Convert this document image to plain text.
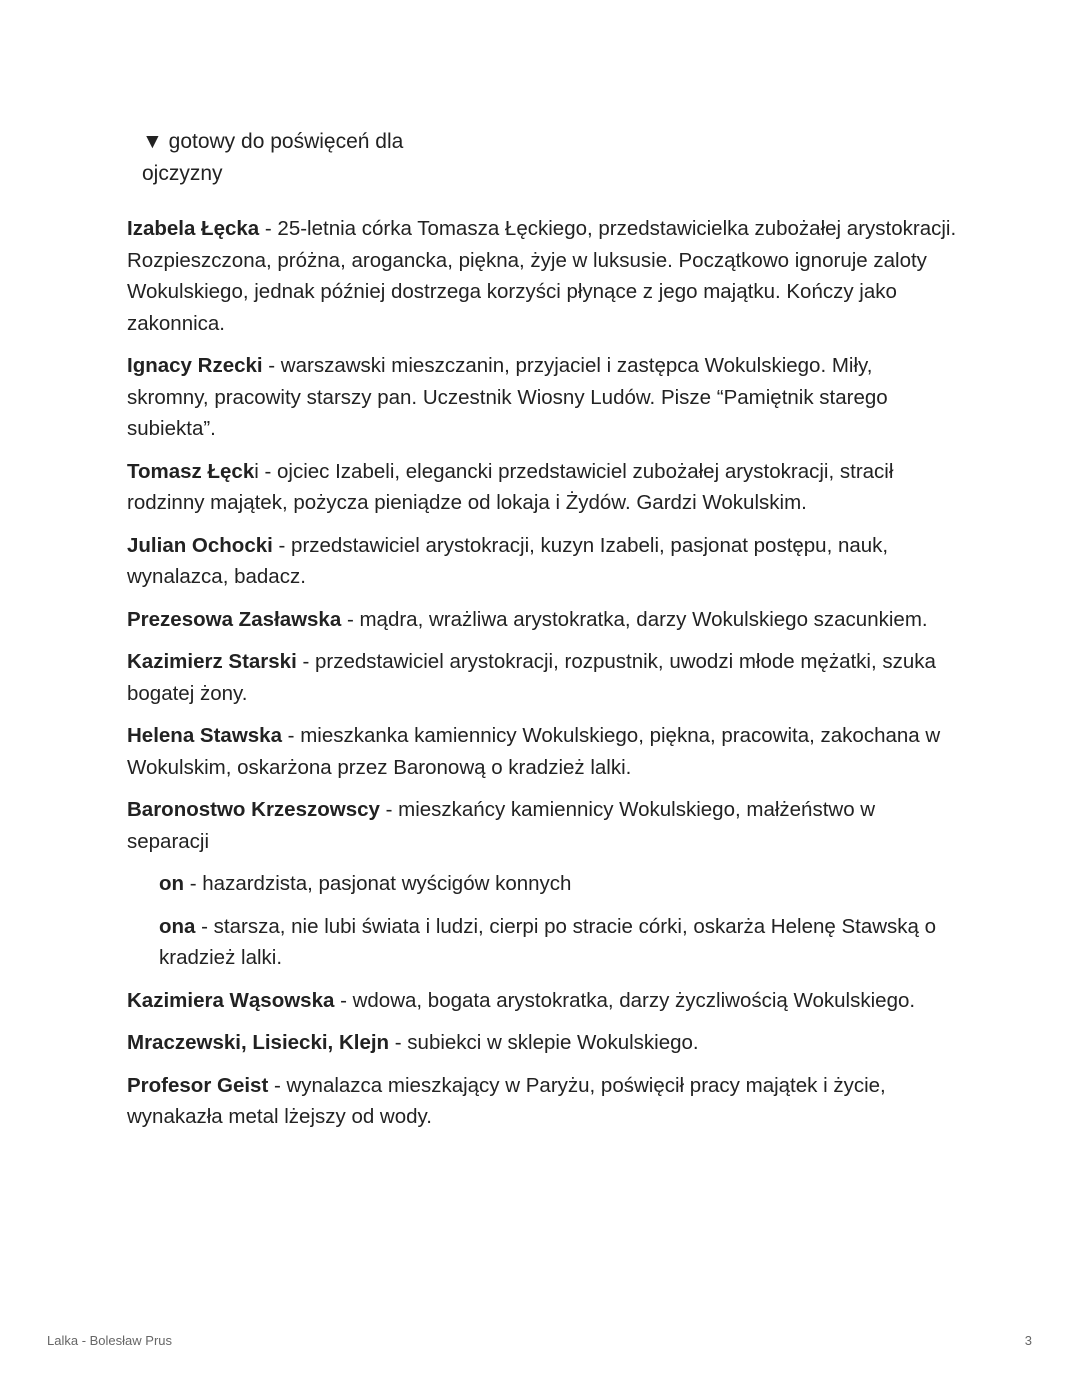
▼ gotowy do poświęceń dla ojczyzny

Izabela Łęcka - 25-letnia córka Tomasza Łęckiego, przedstawicielka zubożałej arystokracji. Rozpieszczona, próżna, arogancka, piękna, żyje w luksusie. Początkowo ignoruje zaloty Wokulskiego, jednak później dostrzega korzyści płynące z jego majątku. Kończy jako zakonnica.

Ignacy Rzecki - warszawski mieszczanin, przyjaciel i zastępca Wokulskiego. Miły, skromny, pracowity starszy pan. Uczestnik Wiosny Ludów. Pisze “Pamiętnik starego subiekta”.

Tomasz Łęcki - ojciec Izabeli, elegancki przedstawiciel zubożałej arystokracji, stracił rodzinny majątek, pożycza pieniądze od lokaja i Żydów. Gardzi Wokulskim.

Julian Ochocki - przedstawiciel arystokracji, kuzyn Izabeli, pasjonat postępu, nauk, wynalazca, badacz.

Prezesowa Zasławska - mądra, wrażliwa arystokratka, darzy Wokulskiego szacunkiem.

Kazimierz Starski - przedstawiciel arystokracji, rozpustnik, uwodzi młode mężatki, szuka bogatej żony.

Helena Stawska - mieszkanka kamiennicy Wokulskiego, piękna, pracowita, zakochana w Wokulskim, oskarżona przez Baronową o kradzież lalki.

Baronostwo Krzeszowscy - mieszkańcy kamiennicy Wokulskiego, małżeństwo w separacji

on - hazardzista, pasjonat wyścigów konnych

ona - starsza, nie lubi świata i ludzi, cierpi po stracie córki, oskarża Helenę Stawską o kradzież lalki.

Kazimiera Wąsowska - wdowa, bogata arystokratka, darzy życzliwością Wokulskiego.

Mraczewski, Lisiecki, Klejn - subiekci w sklepie Wokulskiego.

Profesor Geist - wynalazca mieszkający w Paryżu, poświęcił pracy majątek i życie, wynakazła metal lżejszy od wody.

Lalka - Bolesław Prus	3
